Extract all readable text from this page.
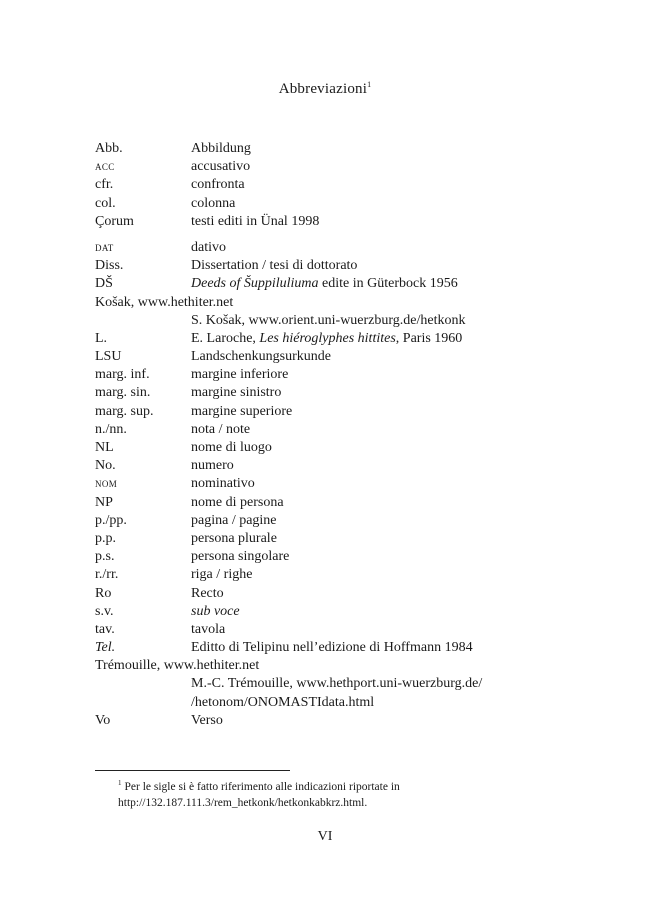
Abbreviazioni$^1$
Abb.	Abbildung
ACC	accusativo
cfr.	confronta
col.	colonna
Çorum	testi editi in Ünal 1998
DAT	dativo
Diss.	Dissertation / tesi di dottorato
DŠ	Deeds of Šuppiluliuma edite in Güterbock 1956
Košak, www.hethiter.net
S. Košak, www.orient.uni-wuerzburg.de/hetkonk
L.	E. Laroche, Les hiéroglyphes hittites, Paris 1960
LSU	Landschenkungsurkunde
marg. inf.	margine inferiore
marg. sin.	margine sinistro
marg. sup.	margine superiore
n./nn.	nota / note
NL	nome di luogo
No.	numero
NOM	nominativo
NP	nome di persona
p./pp.	pagina / pagine
p.p.	persona plurale
p.s.	persona singolare
r./rr.	riga / righe
Ro	Recto
s.v.	sub voce
tav.	tavola
Tel.	Editto di Telipinu nell’edizione di Hoffmann 1984
Trémouille, www.hethiter.net
M.-C. Trémouille, www.hethport.uni-wuerzburg.de/
/hetonom/ONOMASTIdata.html
Vo	Verso
$^1$ Per le sigle si è fatto riferimento alle indicazioni riportate in
http://132.187.111.3/rem_hetkonk/hetkonkabkrz.html.
VI
